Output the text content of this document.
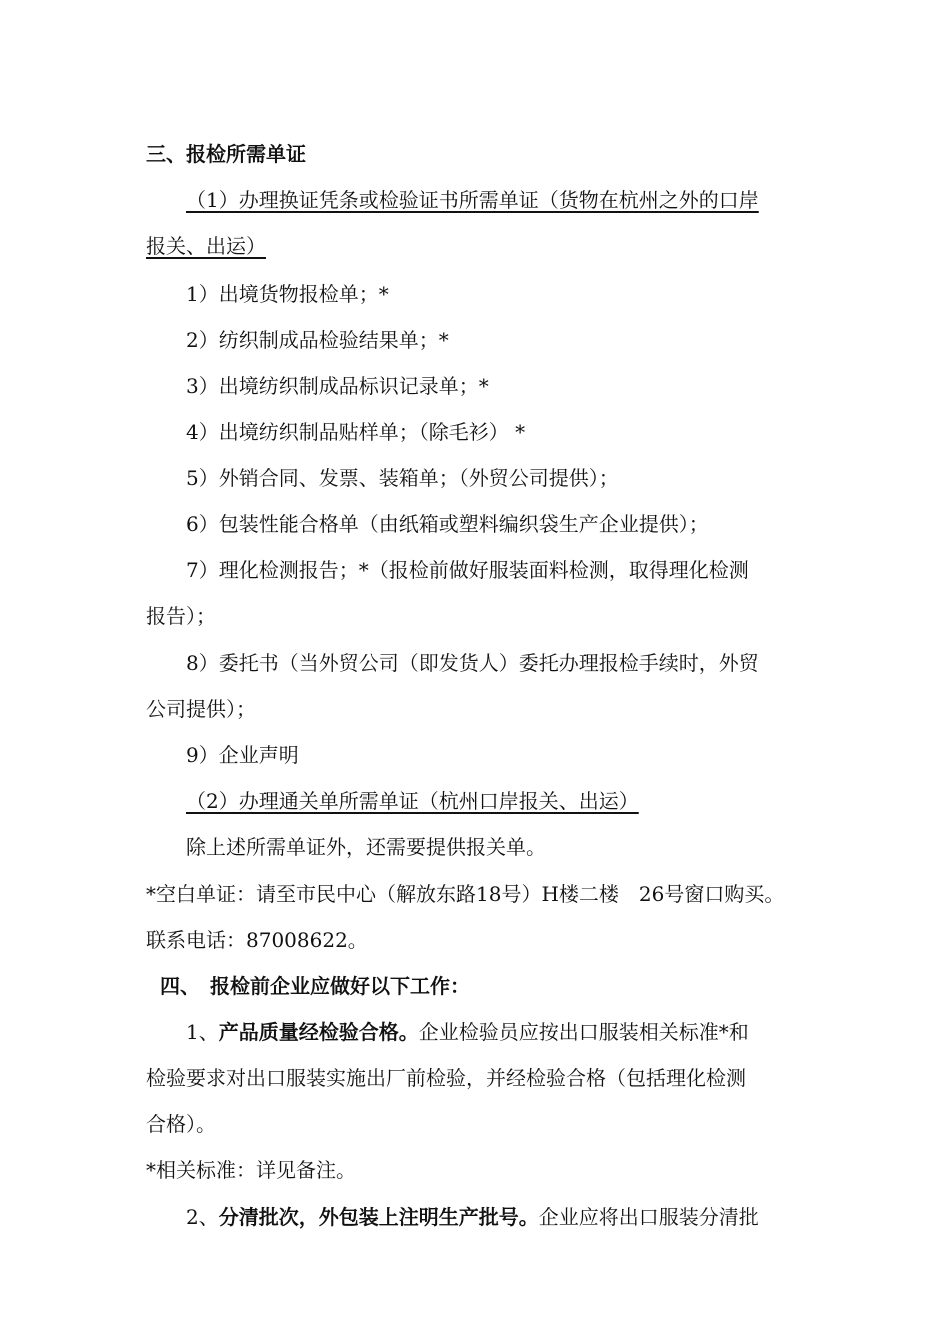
三、报检所需单证
（1）办理换证凭条或检验证书所需单证（货物在杭州之外的口岸
报关、出运）
1）出境货物报检单；*
2）纺织制成品检验结果单；*
3）出境纺织制成品标识记录单；*
4）出境纺织制品贴样单；（除毛衫） *
5）外销合同、发票、装箱单；（外贸公司提供）；
6）包装性能合格单（由纸箱或塑料编织袋生产企业提供）；
7）理化检测报告；*（报检前做好服装面料检测，取得理化检测
报告）；
8）委托书（当外贸公司（即发货人）委托办理报检手续时，外贸
公司提供）；
9）企业声明
（2）办理通关单所需单证（杭州口岸报关、出运）
除上述所需单证外，还需要提供报关单。
*空白单证：请至市民中心（解放东路18号）H楼二楼　26号窗口购买。
联系电话：87008622。
四、　报检前企业应做好以下工作：
1、产品质量经检验合格。企业检验员应按出口服装相关标准*和
检验要求对出口服装实施出厂前检验，并经检验合格（包括理化检测
合格）。
*相关标准：详见备注。
2、分清批次，外包装上注明生产批号。企业应将出口服装分清批
